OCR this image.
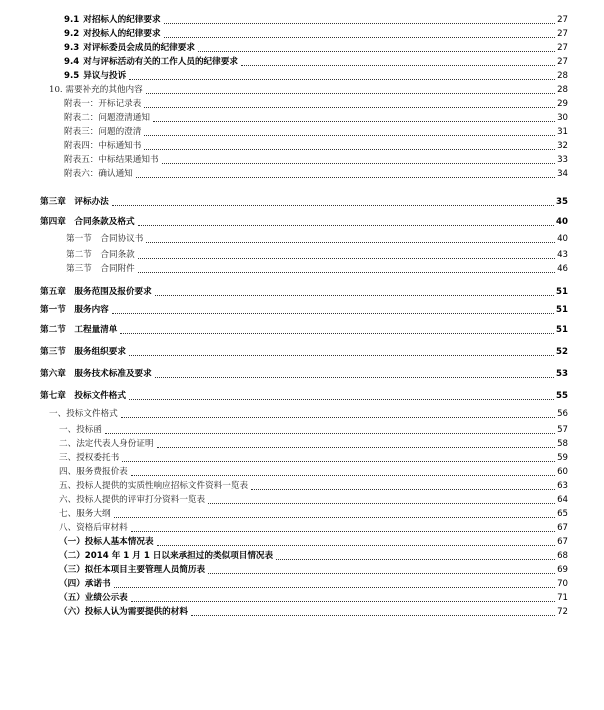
9.1 对招标人的纪律要求	27
9.2 对投标人的纪律要求	27
9.3 对评标委员会成员的纪律要求	27
9.4 对与评标活动有关的工作人员的纪律要求	27
9.5 异议与投诉	28
10. 需要补充的其他内容	28
附表一：开标记录表	29
附表二：问题澄清通知	30
附表三：问题的澄清	31
附表四：中标通知书	32
附表五：中标结果通知书	33
附表六：确认通知	34
第三章　评标办法	35
第四章　合同条款及格式	40
第一节　合同协议书	40
第二节　合同条款	43
第三节　合同附件	46
第五章　服务范围及报价要求	51
第一节　服务内容	51
第二节　工程量清单	51
第三节　服务组织要求	52
第六章　服务技术标准及要求	53
第七章　投标文件格式	55
一、投标文件格式	56
一、投标函	57
二、法定代表人身份证明	58
三、授权委托书	59
四、服务费报价表	60
五、投标人提供的实质性响应招标文件资料一览表	63
六、投标人提供的评审打分资料一览表	64
七、服务大纲	65
八、资格后审材料	67
（一）投标人基本情况表	67
（二）2014 年 1 月 1 日以来承担过的类似项目情况表	68
（三）拟任本项目主要管理人员简历表	69
（四）承诺书	70
（五）业绩公示表	71
（六）投标人认为需要提供的材料	72
